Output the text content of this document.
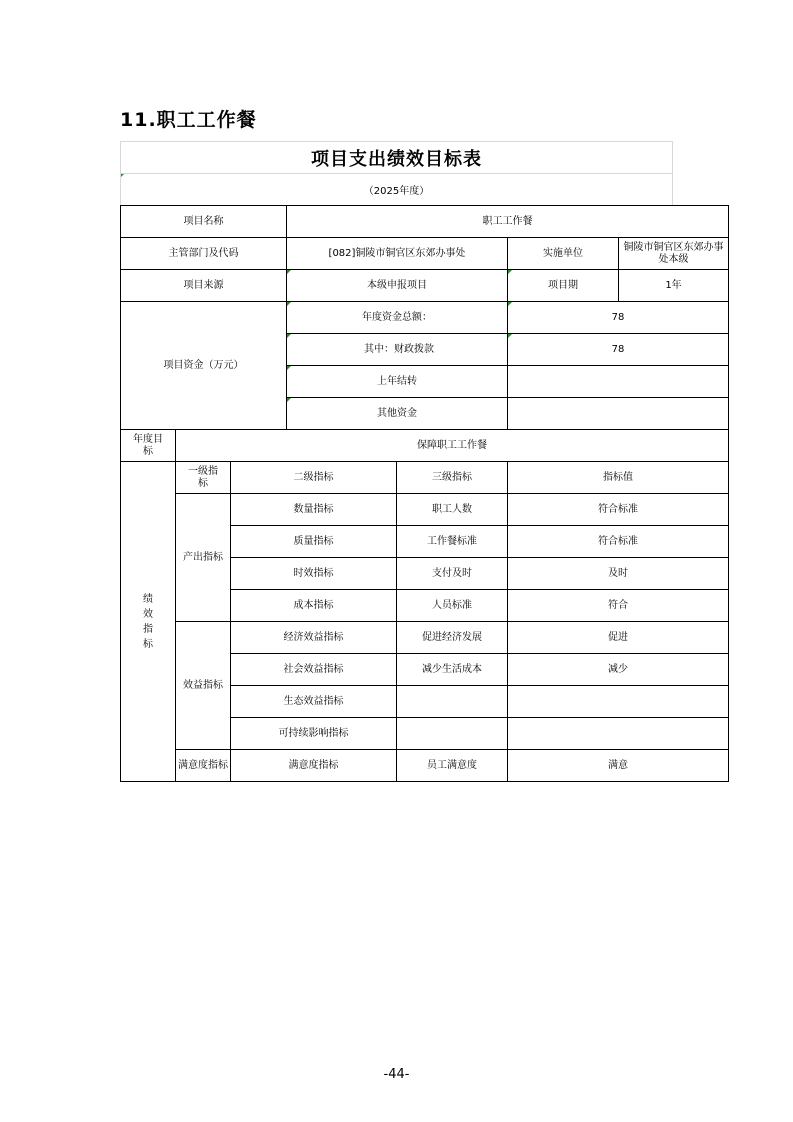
11.职工工作餐
项目支出绩效目标表
（2025年度）
项目名称			职工工作餐			
主管部门及代码			[082]铜陵市铜官区东郊办事处		实施单位	铜陵市铜官区东郊办事处本级
项目来源			本级申报项目		项目期	1年
项目资金（万元）			年度资金总额：		78	

其中：财政拨款		78	

上年结转			

其他资金			
年度目标	保障职工工作餐					
绩效指标	一级指标	二级指标		三级指标	指标值	
	产出指标	数量指标		职工人数	符合标准	
		质量指标		工作餐标准	符合标准	
		时效指标		支付及时	及时	
		成本指标		人员标准	符合	
	效益指标	经济效益指标		促进经济发展	促进	
		社会效益指标		减少生活成本	减少	
		生态效益指标				
		可持续影响指标				
	满意度指标	满意度指标		员工满意度	满意	
-44-
